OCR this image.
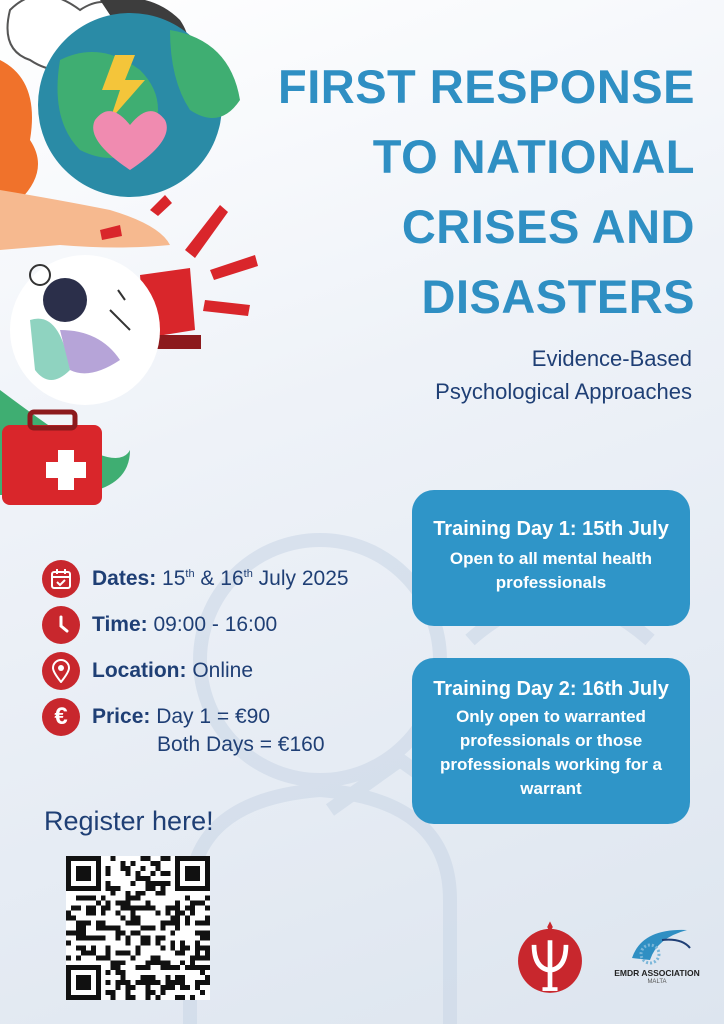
FIRST RESPONSE
TO NATIONAL
CRISES AND
DISASTERS
Evidence-Based
Psychological Approaches
Dates: 15th & 16th July 2025
Time: 09:00 - 16:00
Location: Online
€ Price: Day 1 = €90
Both Days = €160
Register here!
Training Day 1: 15th July
Open to all mental health professionals
Training Day 2: 16th July
Only open to warranted professionals or those professionals working for a warrant
EMDR ASSOCIATION
MALTA
